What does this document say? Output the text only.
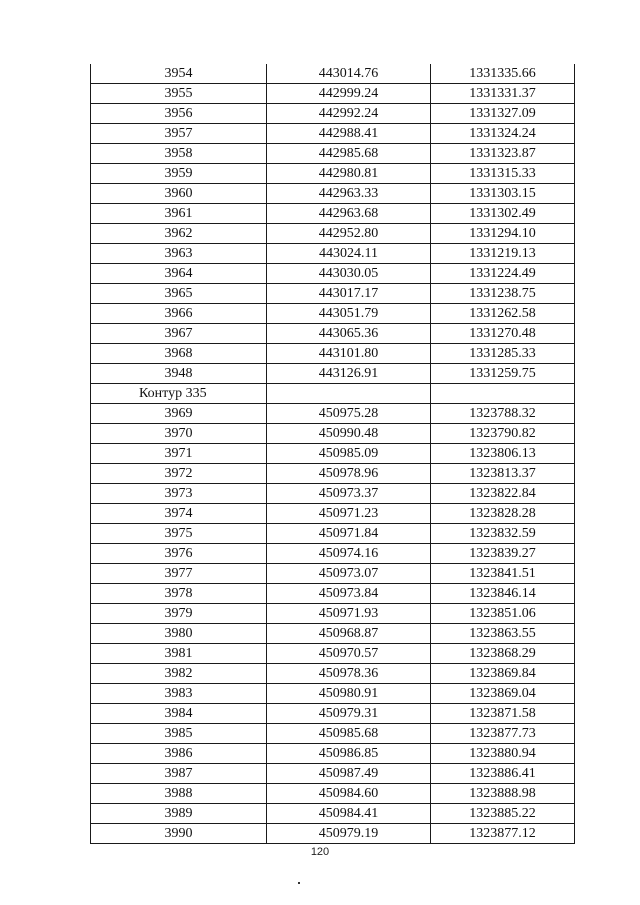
3954	443014.76	1331335.66
3955	442999.24	1331331.37
3956	442992.24	1331327.09
3957	442988.41	1331324.24
3958	442985.68	1331323.87
3959	442980.81	1331315.33
3960	442963.33	1331303.15
3961	442963.68	1331302.49
3962	442952.80	1331294.10
3963	443024.11	1331219.13
3964	443030.05	1331224.49
3965	443017.17	1331238.75
3966	443051.79	1331262.58
3967	443065.36	1331270.48
3968	443101.80	1331285.33
3948	443126.91	1331259.75
Контур 335		
3969	450975.28	1323788.32
3970	450990.48	1323790.82
3971	450985.09	1323806.13
3972	450978.96	1323813.37
3973	450973.37	1323822.84
3974	450971.23	1323828.28
3975	450971.84	1323832.59
3976	450974.16	1323839.27
3977	450973.07	1323841.51
3978	450973.84	1323846.14
3979	450971.93	1323851.06
3980	450968.87	1323863.55
3981	450970.57	1323868.29
3982	450978.36	1323869.84
3983	450980.91	1323869.04
3984	450979.31	1323871.58
3985	450985.68	1323877.73
3986	450986.85	1323880.94
3987	450987.49	1323886.41
3988	450984.60	1323888.98
3989	450984.41	1323885.22
3990	450979.19	1323877.12
120
